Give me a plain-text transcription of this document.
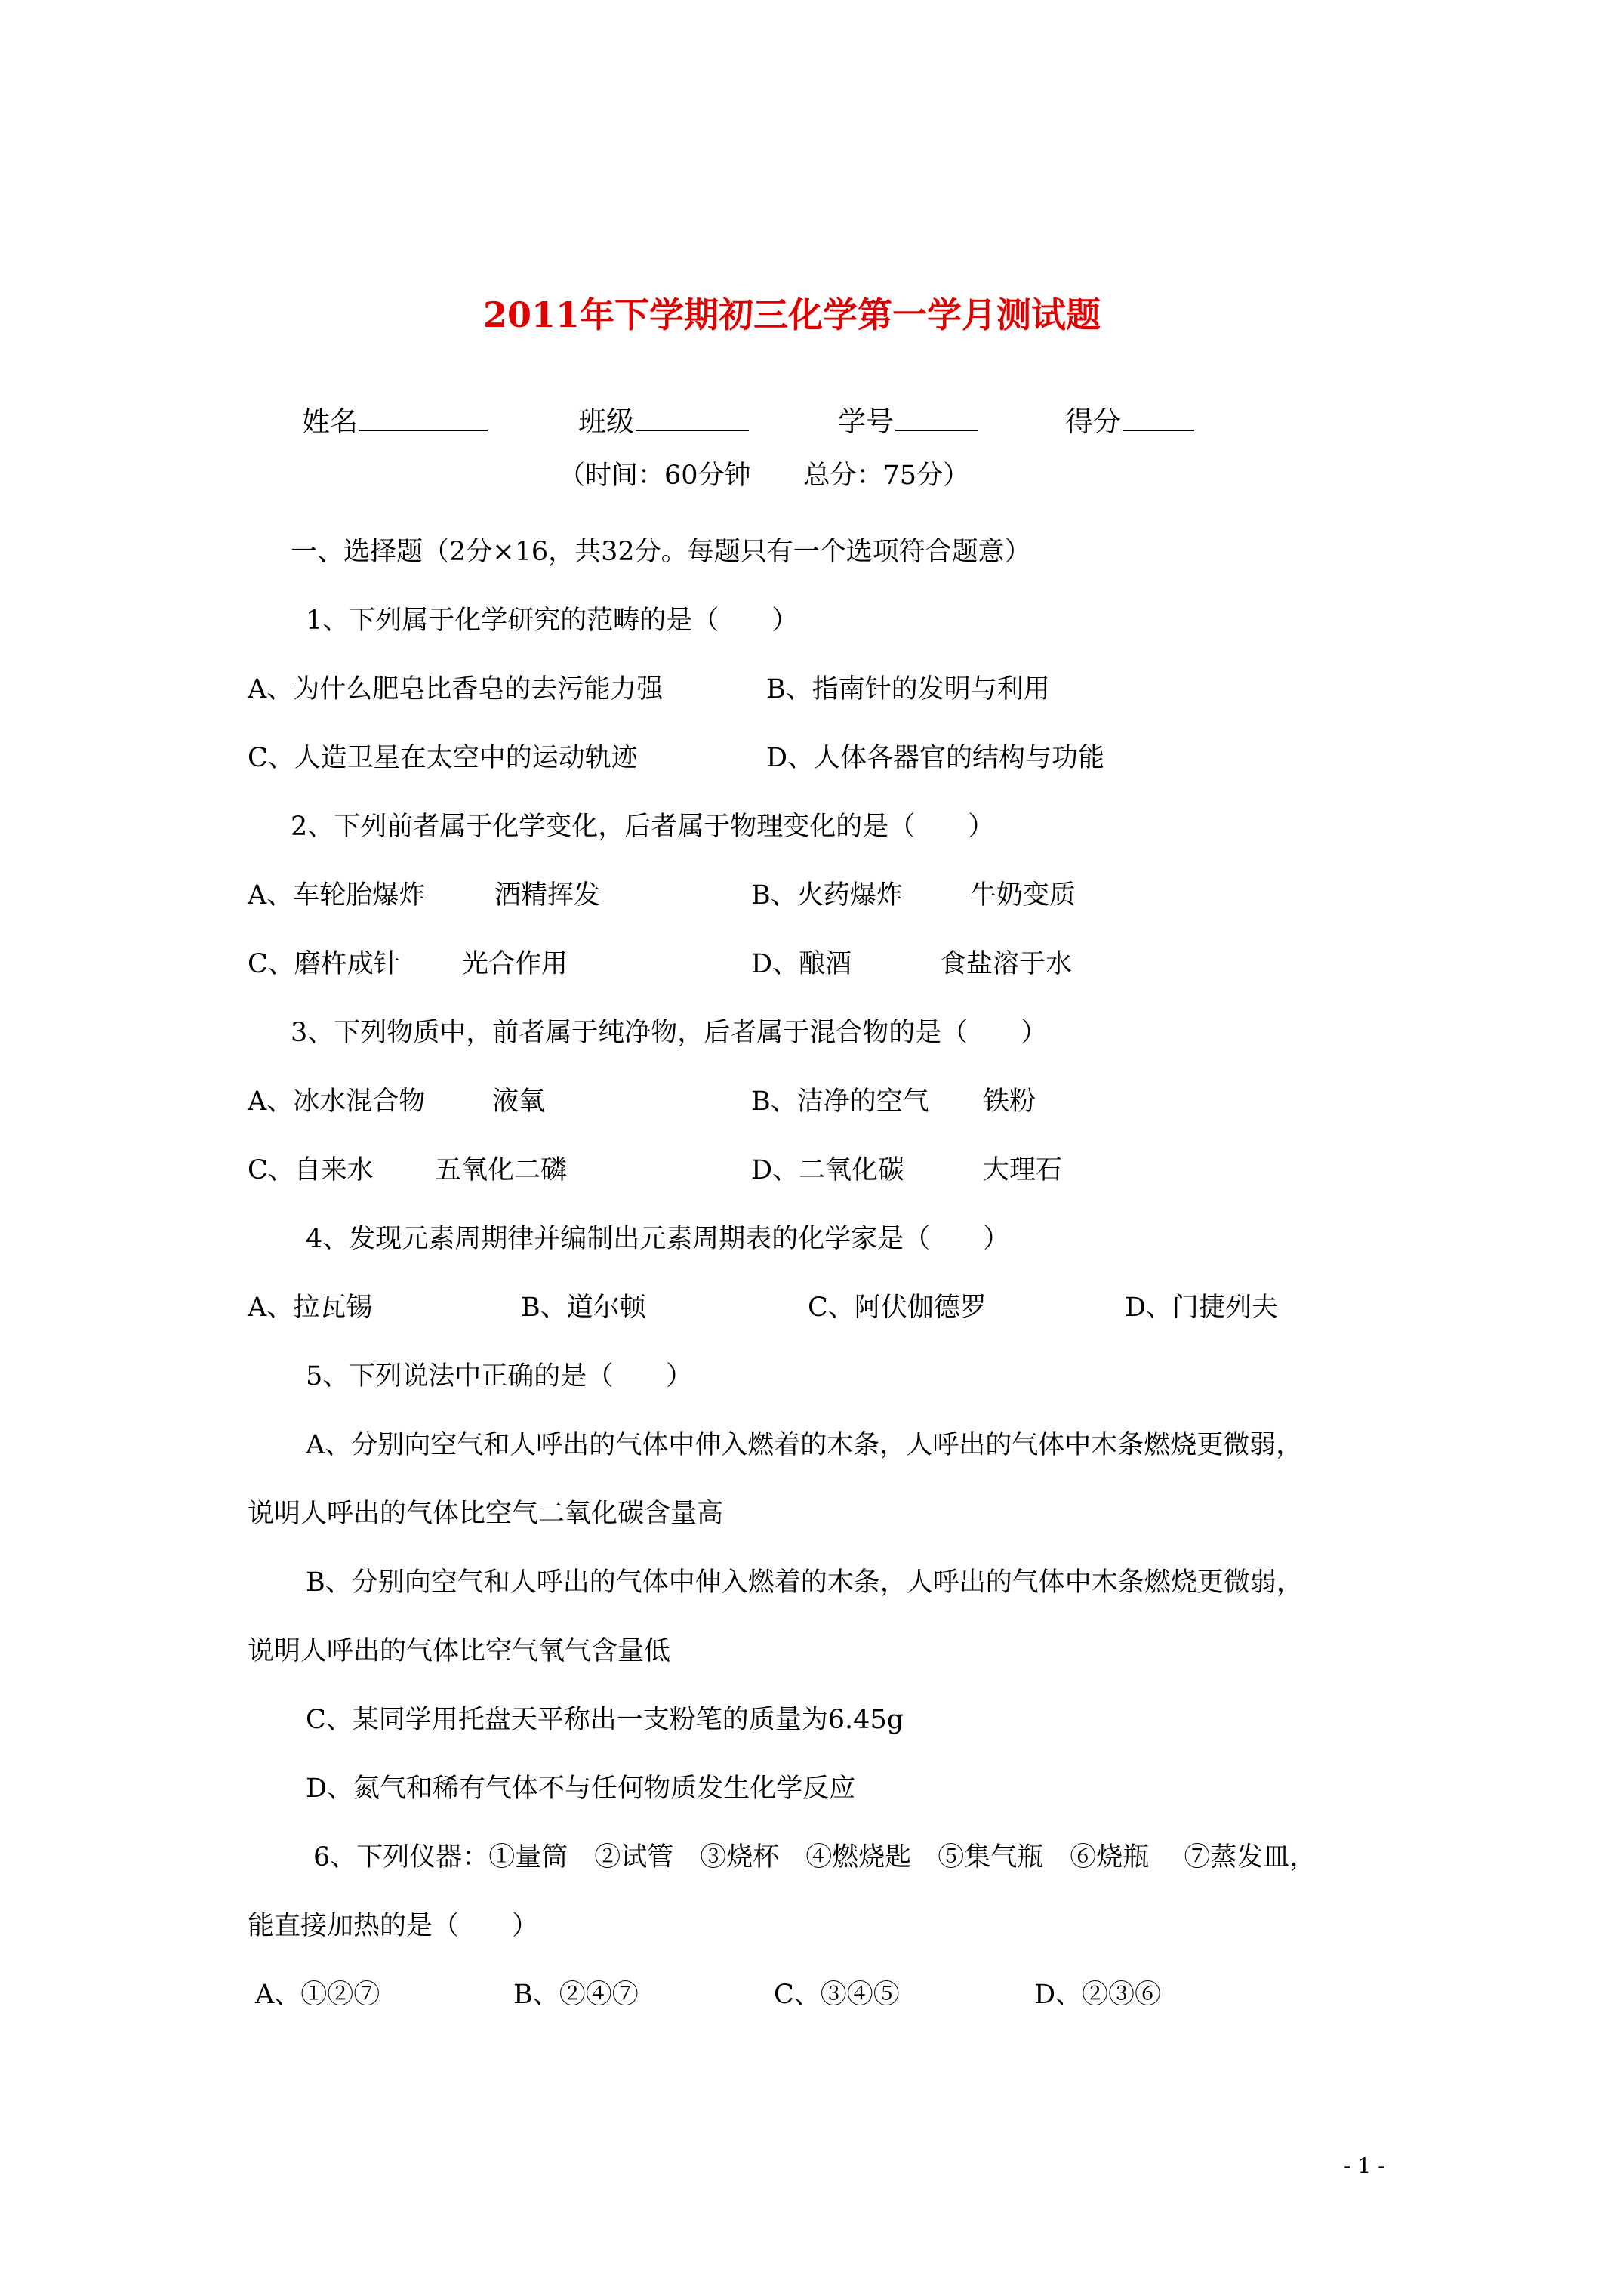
2011年下学期初三化学第一学月测试题
姓名	班级	学号	得分
（时间：60分钟　　总分：75分）
一、选择题（2分×16，共32分。每题只有一个选项符合题意）
1、下列属于化学研究的范畴的是（　　）
A、为什么肥皂比香皂的去污能力强	B、指南针的发明与利用
C、人造卫星在太空中的运动轨迹	D、人体各器官的结构与功能
2、下列前者属于化学变化，后者属于物理变化的是（　　）
A、车轮胎爆炸	酒精挥发	B、火药爆炸	牛奶变质
C、磨杵成针 光合作用	D、酿酒	食盐溶于水
3、下列物质中，前者属于纯净物，后者属于混合物的是（　　）
A、冰水混合物	液氧	B、洁净的空气 铁粉
C、自来水 五氧化二磷	D、二氧化碳	大理石
4、发现元素周期律并编制出元素周期表的化学家是（　　）
A、拉瓦锡	B、道尔顿	C、阿伏伽德罗	D、门捷列夫
5、下列说法中正确的是（　　）
A、分别向空气和人呼出的气体中伸入燃着的木条，人呼出的气体中木条燃烧更微弱，
说明人呼出的气体比空气二氧化碳含量高
B、分别向空气和人呼出的气体中伸入燃着的木条，人呼出的气体中木条燃烧更微弱，
说明人呼出的气体比空气氧气含量低
C、某同学用托盘天平称出一支粉笔的质量为6.45g
D、氮气和稀有气体不与任何物质发生化学反应
6、下列仪器：①量筒　②试管　③烧杯　④燃烧匙　⑤集气瓶　⑥烧瓶　 ⑦蒸发皿，
能直接加热的是（　　）
A、①②⑦	B、②④⑦	C、③④⑤	D、②③⑥
- 1 -
